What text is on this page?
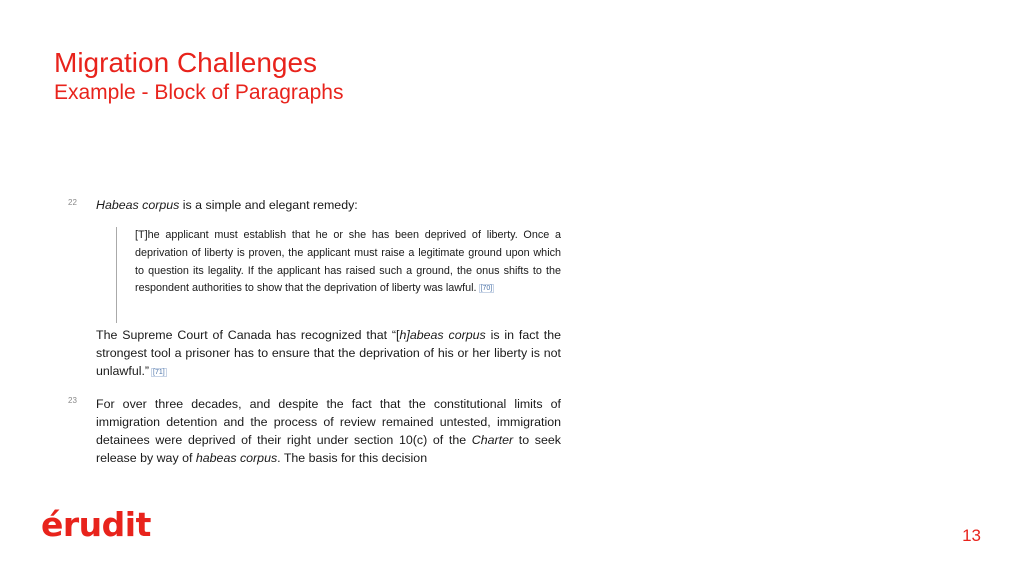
Migration Challenges
Example - Block of Paragraphs
22 Habeas corpus is a simple and elegant remedy:
[T]he applicant must establish that he or she has been deprived of liberty. Once a deprivation of liberty is proven, the applicant must raise a legitimate ground upon which to question its legality. If the applicant has raised such a ground, the onus shifts to the respondent authorities to show that the deprivation of liberty was lawful. [70]
The Supreme Court of Canada has recognized that “[h]abeas corpus is in fact the strongest tool a prisoner has to ensure that the deprivation of his or her liberty is not unlawful.” [71]
23 For over three decades, and despite the fact that the constitutional limits of immigration detention and the process of review remained untested, immigration detainees were deprived of their right under section 10(c) of the Charter to seek release by way of habeas corpus. The basis for this decision
érudit	13
